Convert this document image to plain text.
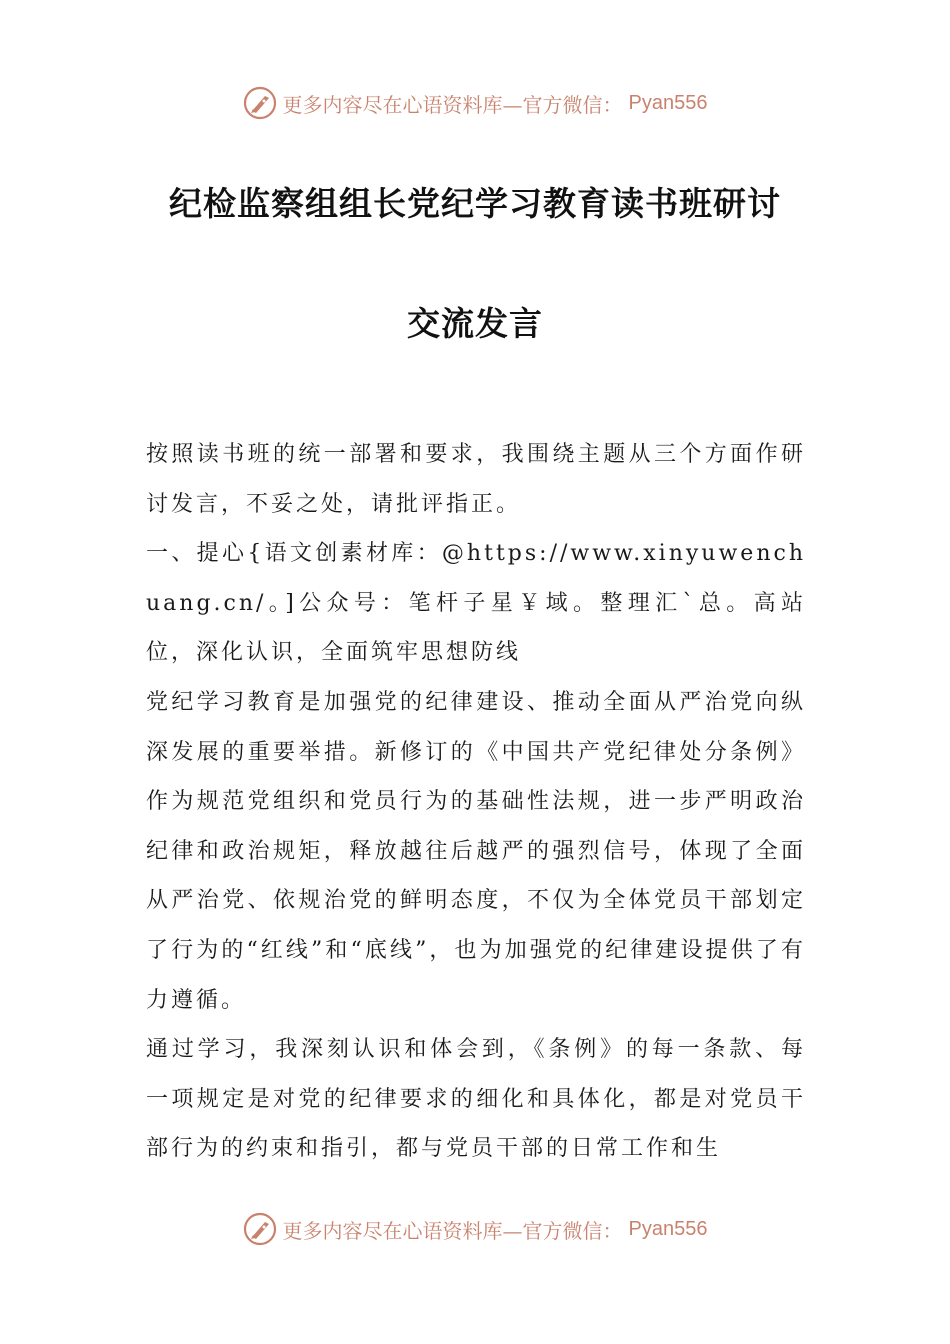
更多内容尽在心语资料库—官方微信： Pyan556
纪检监察组组长党纪学习教育读书班研讨
交流发言

按照读书班的统一部署和要求，我围绕主题从三个方面作研讨发言，不妥之处，请批评指正。

一、提心{语文创素材库：@https://www.xinyuwenchuang.cn/。]公众号：笔杆子星￥域。整理汇`总。高站位，深化认识，全面筑牢思想防线

党纪学习教育是加强党的纪律建设、推动全面从严治党向纵深发展的重要举措。新修订的《中国共产党纪律处分条例》作为规范党组织和党员行为的基础性法规，进一步严明政治纪律和政治规矩，释放越往后越严的强烈信号，体现了全面从严治党、依规治党的鲜明态度，不仅为全体党员干部划定了行为的“红线”和“底线”，也为加强党的纪律建设提供了有力遵循。

通过学习，我深刻认识和体会到，《条例》的每一条款、每一项规定是对党的纪律要求的细化和具体化，都是对党员干部行为的约束和指引，都与党员干部的日常工作和生

更多内容尽在心语资料库—官方微信： Pyan556
